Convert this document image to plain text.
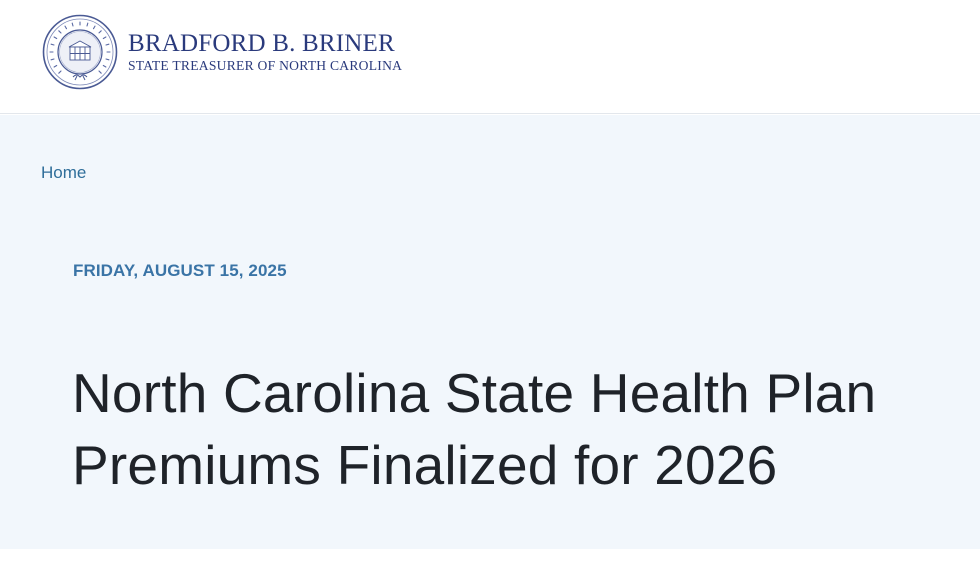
BRADFORD B. BRINER
STATE TREASURER OF NORTH CAROLINA
Home
FRIDAY, AUGUST 15, 2025
North Carolina State Health Plan Premiums Finalized for 2026
